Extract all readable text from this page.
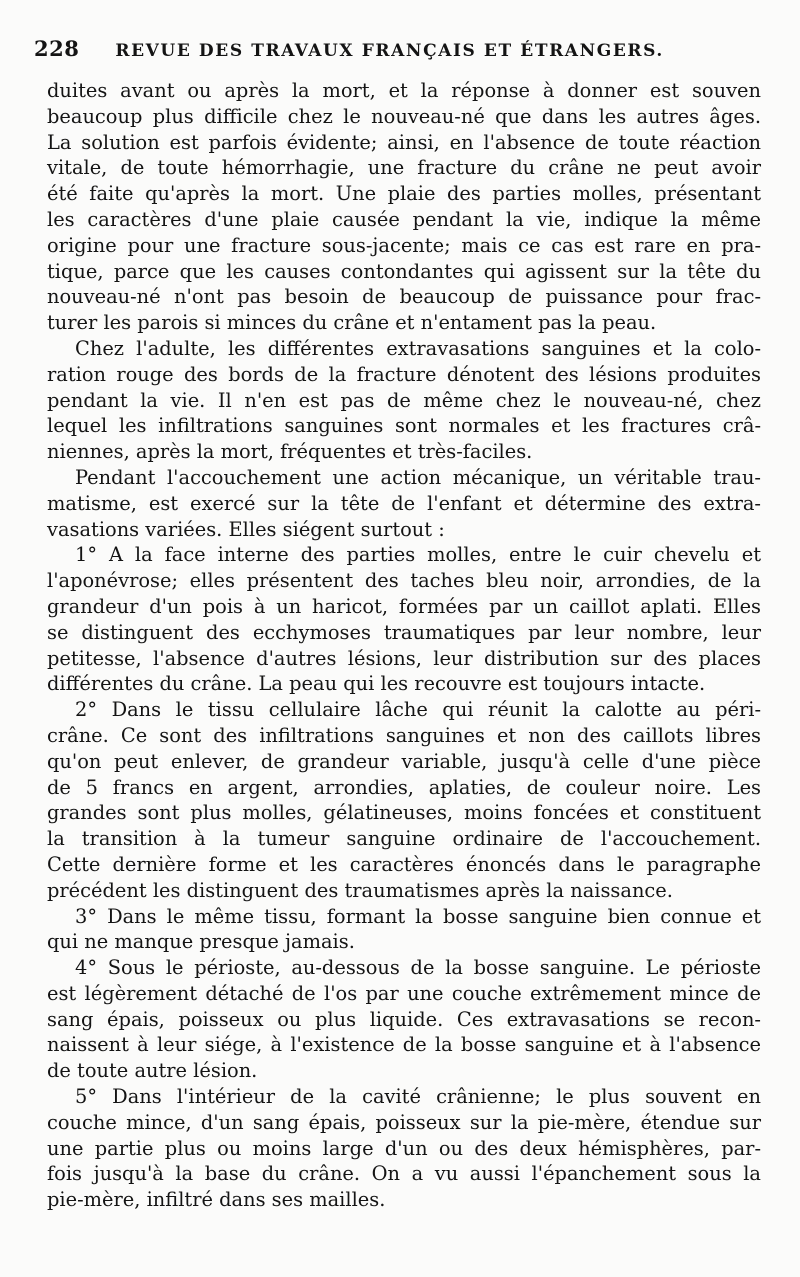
228 REVUE DES TRAVAUX FRANÇAIS ET ÉTRANGERS.
duites avant ou après la mort, et la réponse à donner est souven
beaucoup plus difficile chez le nouveau-né que dans les autres âges.
La solution est parfois évidente; ainsi, en l'absence de toute réaction
vitale, de toute hémorrhagie, une fracture du crâne ne peut avoir
été faite qu'après la mort. Une plaie des parties molles, présentant
les caractères d'une plaie causée pendant la vie, indique la même
origine pour une fracture sous-jacente; mais ce cas est rare en pra-
tique, parce que les causes contondantes qui agissent sur la tête du
nouveau-né n'ont pas besoin de beaucoup de puissance pour frac-
turer les parois si minces du crâne et n'entament pas la peau.
Chez l'adulte, les différentes extravasations sanguines et la colo-
ration rouge des bords de la fracture dénotent des lésions produites
pendant la vie. Il n'en est pas de même chez le nouveau-né, chez
lequel les infiltrations sanguines sont normales et les fractures crâ-
niennes, après la mort, fréquentes et très-faciles.
Pendant l'accouchement une action mécanique, un véritable trau-
matisme, est exercé sur la tête de l'enfant et détermine des extra-
vasations variées. Elles siégent surtout :
1° A la face interne des parties molles, entre le cuir chevelu et
l'aponévrose; elles présentent des taches bleu noir, arrondies, de la
grandeur d'un pois à un haricot, formées par un caillot aplati. Elles
se distinguent des ecchymoses traumatiques par leur nombre, leur
petitesse, l'absence d'autres lésions, leur distribution sur des places
différentes du crâne. La peau qui les recouvre est toujours intacte.
2° Dans le tissu cellulaire lâche qui réunit la calotte au péri-
crâne. Ce sont des infiltrations sanguines et non des caillots libres
qu'on peut enlever, de grandeur variable, jusqu'à celle d'une pièce
de 5 francs en argent, arrondies, aplaties, de couleur noire. Les
grandes sont plus molles, gélatineuses, moins foncées et constituent
la transition à la tumeur sanguine ordinaire de l'accouchement.
Cette dernière forme et les caractères énoncés dans le paragraphe
précédent les distinguent des traumatismes après la naissance.
3° Dans le même tissu, formant la bosse sanguine bien connue et
qui ne manque presque jamais.
4° Sous le périoste, au-dessous de la bosse sanguine. Le périoste
est légèrement détaché de l'os par une couche extrêmement mince de
sang épais, poisseux ou plus liquide. Ces extravasations se recon-
naissent à leur siége, à l'existence de la bosse sanguine et à l'absence
de toute autre lésion.
5° Dans l'intérieur de la cavité crânienne; le plus souvent en
couche mince, d'un sang épais, poisseux sur la pie-mère, étendue sur
une partie plus ou moins large d'un ou des deux hémisphères, par-
fois jusqu'à la base du crâne. On a vu aussi l'épanchement sous la
pie-mère, infiltré dans ses mailles.
